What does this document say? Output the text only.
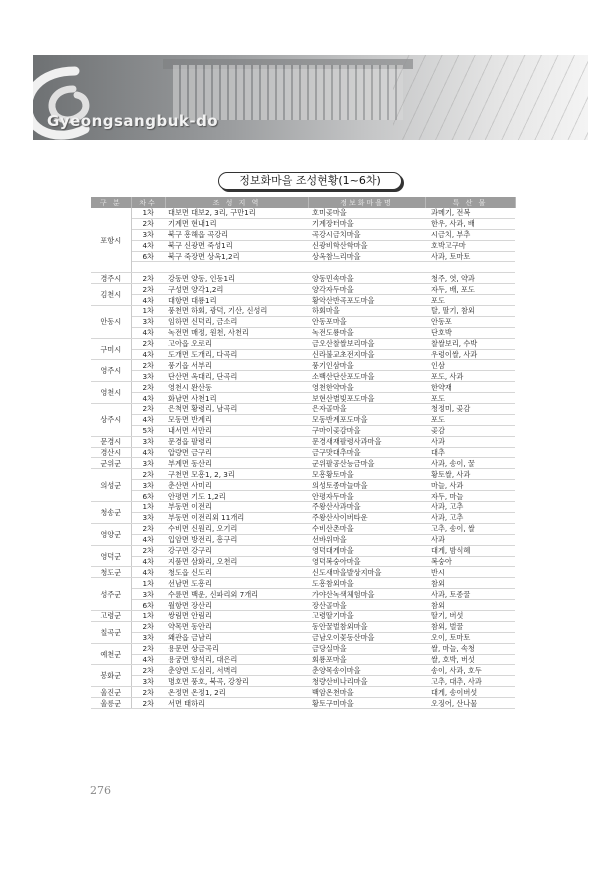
Gyeongsangbuk-do
정보화마을 조성현황(1~6차)
구 분	차수	조 성 지 역	정보화마을명	특 산 물
포항시	1차	대보면 대보2, 3리, 구만1리	호미곶마을	과메기, 전복
	2차	기계면 현내1리	기계장터마을	한우, 사과, 배
	3차	북구 흥해읍 곡강리	곡강시금치마을	시금치, 부추
	4차	북구 신광면 죽성1리	신광비학산학마을	호박고구마
	6차	북구 죽장면 상옥1,2리	상옥참느리마을	사과, 토마토

경주시	2차	강동면 양동, 인동1리	양동민속마을	청주, 엿, 약과
김천시	2차	구성면 양각1,2리	양각자두마을	자두, 배, 포도
	4차	대항면 대룡1리	황악산반곡포도마을	포도
안동시	1차	풍천면 하회, 광덕, 기산, 신성리	하회마을	탈, 딸기, 참외
	3차	임하면 신덕리, 금소리	안동포마을	안동포
	4차	녹전면 매정, 원천, 사천리	녹전도룡마을	단호박
구미시	2차	고아읍 오로리	금오산찰쌀보리마을	찰쌀보리, 수박
	4차	도개면 도개리, 다곡리	신라불교초전지마을	우렁이쌀, 사과
영주시	2차	풍기읍 서부리	풍기인삼마을	인삼
	3차	단산면 옥대리, 단곡리	소백산단산포도마을	포도, 사과
영천시	2차	영천시 완산동	영천한약마을	한약재
	4차	화남면 사천1리	보현산별빛포도마을	포도
상주시	2차	은척면 황령리, 남곡리	은자골마을	청정미, 곶감
	4차	모동면 반계리	모동반계포도마을	포도
	5차	내서면 서만리	구마이곶감마을	곶감
문경시	3차	문경읍 팔령리	문경새재팔령사과마을	사과
경산시	4차	압량면 금구리	금구맛대추마을	대추
군위군	3차	부계면 동산리	군위팔공산능금마을	사과, 송이, 꿀
의성군	2차	구천면 모흥1, 2, 3리	모흥황토마을	황토쌀, 사과
	3차	춘산면 사미리	의성토종마늘마을	마늘, 사과
	6차	안평면 기도 1,2리	안평자두마을	자두, 마늘
청송군	1차	부동면 이전리	주왕산사과마을	사과, 고추
	3차	부동면 이전리외 11개리	주왕산사이버타운	사과, 고추
영양군	2차	수비면 신원리, 오기리	수비산촌마을	고추, 송이, 쌀
	4차	입암면 방전리, 흥구리	선바위마을	사과
영덕군	2차	강구면 강구리	영덕대게마을	대게, 밤식혜
	4차	지품면 삼화리, 오천리	영덕복숭아마을	복숭아
청도군	4차	청도읍 신도리	신도새마을발상지마을	반시
성주군	1차	선남면 도흥리	도흥참외마을	참외
	3차	수륜면 백운, 신파리외 7개리	가야산녹색체험마을	사과, 토종꿀
	6차	월항면 장산리	장산골마을	참외
고령군	1차	쌍림면 안림리	고령딸기마을	딸기, 버섯
칠곡군	2차	약목면 동안리	동안꿀벌참외마을	참외, 벌꿀
	3차	왜관읍 금남리	금남오이꽃동산마을	오이, 토마토
예천군	2차	용문면 상금곡리	금당실마을	쌀, 마늘, 속청
	4차	용궁면 향석리, 대은리	회룡포마을	쌀, 호박, 버섯
봉화군	2차	춘양면 도심리, 서벽리	춘양목송이마을	송이, 사과, 호두
	3차	명호면 풍호, 북곡, 강창리	청량산비나리마을	고추, 대추, 사과
울진군	2차	온정면 온정1, 2리	백암온천마을	대게, 송이버섯
울릉군	2차	서면 태하리	황토구미마을	오징어, 산나물
276
